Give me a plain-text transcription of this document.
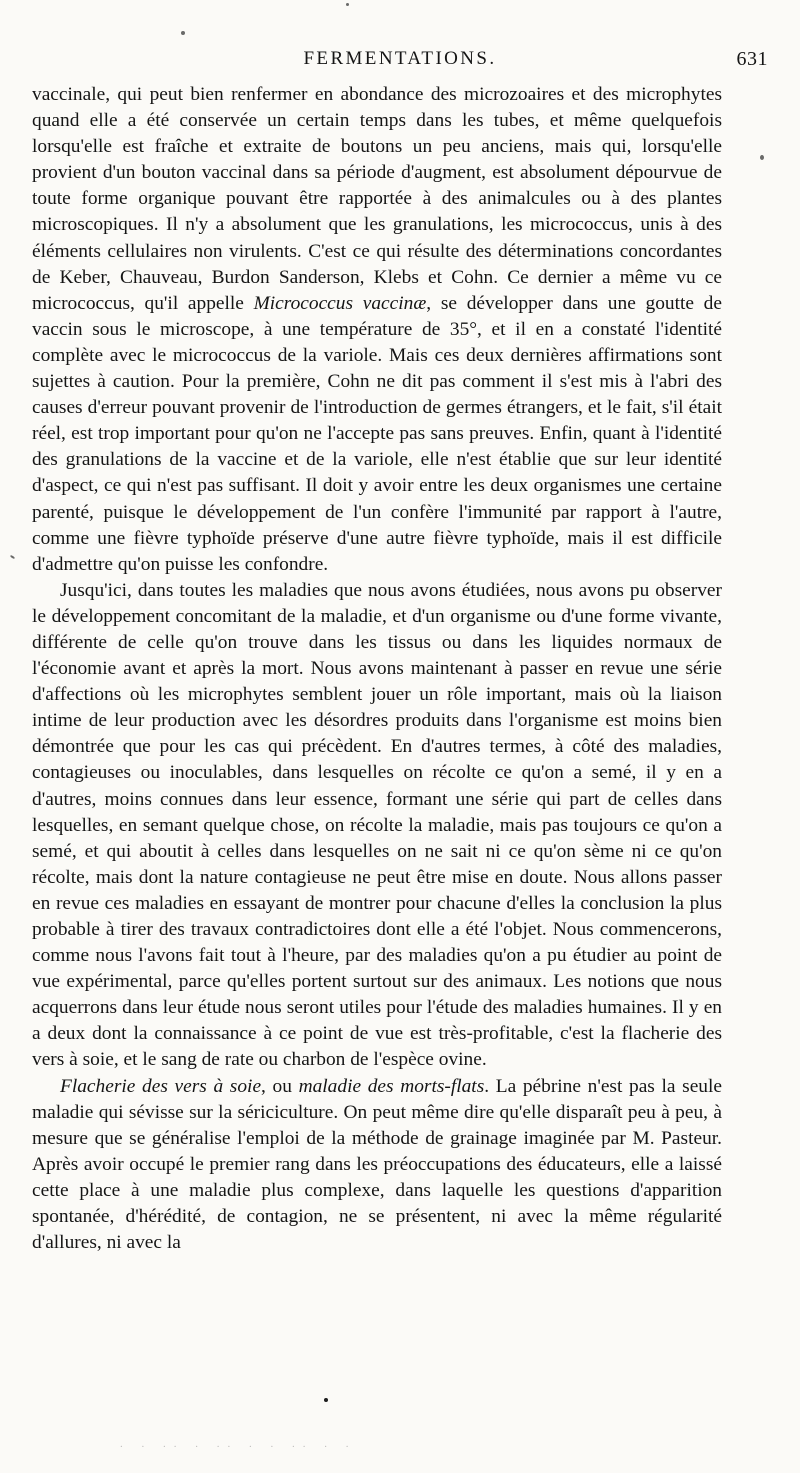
FERMENTATIONS.	631

vaccinale, qui peut bien renfermer en abondance des microzoaires et des microphytes quand elle a été conservée un certain temps dans les tubes, et même quelquefois lorsqu'elle est fraîche et extraite de boutons un peu anciens, mais qui, lorsqu'elle provient d'un bouton vaccinal dans sa période d'augment, est absolument dépourvue de toute forme organique pouvant être rapportée à des animalcules ou à des plantes microscopiques. Il n'y a absolument que les granulations, les micrococcus, unis à des éléments cellulaires non virulents. C'est ce qui résulte des déterminations concordantes de Keber, Chauveau, Burdon Sanderson, Klebs et Cohn. Ce dernier a même vu ce micrococcus, qu'il appelle Micrococcus vaccinæ, se développer dans une goutte de vaccin sous le microscope, à une température de 35°, et il en a constaté l'identité complète avec le micrococcus de la variole. Mais ces deux dernières affirmations sont sujettes à caution. Pour la première, Cohn ne dit pas comment il s'est mis à l'abri des causes d'erreur pouvant provenir de l'introduction de germes étrangers, et le fait, s'il était réel, est trop important pour qu'on ne l'accepte pas sans preuves. Enfin, quant à l'identité des granulations de la vaccine et de la variole, elle n'est établie que sur leur identité d'aspect, ce qui n'est pas suffisant. Il doit y avoir entre les deux organismes une certaine parenté, puisque le développement de l'un confère l'immunité par rapport à l'autre, comme une fièvre typhoïde préserve d'une autre fièvre typhoïde, mais il est difficile d'admettre qu'on puisse les confondre.

Jusqu'ici, dans toutes les maladies que nous avons étudiées, nous avons pu observer le développement concomitant de la maladie, et d'un organisme ou d'une forme vivante, différente de celle qu'on trouve dans les tissus ou dans les liquides normaux de l'économie avant et après la mort. Nous avons maintenant à passer en revue une série d'affections où les microphytes semblent jouer un rôle important, mais où la liaison intime de leur production avec les désordres produits dans l'organisme est moins bien démontrée que pour les cas qui précèdent. En d'autres termes, à côté des maladies, contagieuses ou inoculables, dans lesquelles on récolte ce qu'on a semé, il y en a d'autres, moins connues dans leur essence, formant une série qui part de celles dans lesquelles, en semant quelque chose, on récolte la maladie, mais pas toujours ce qu'on a semé, et qui aboutit à celles dans lesquelles on ne sait ni ce qu'on sème ni ce qu'on récolte, mais dont la nature contagieuse ne peut être mise en doute. Nous allons passer en revue ces maladies en essayant de montrer pour chacune d'elles la conclusion la plus probable à tirer des travaux contradictoires dont elle a été l'objet. Nous commencerons, comme nous l'avons fait tout à l'heure, par des maladies qu'on a pu étudier au point de vue expérimental, parce qu'elles portent surtout sur des animaux. Les notions que nous acquerrons dans leur étude nous seront utiles pour l'étude des maladies humaines. Il y en a deux dont la connaissance à ce point de vue est très-profitable, c'est la flacherie des vers à soie, et le sang de rate ou charbon de l'espèce ovine.

Flacherie des vers à soie, ou maladie des morts-flats. La pébrine n'est pas la seule maladie qui sévisse sur la sériciculture. On peut même dire qu'elle disparaît peu à peu, à mesure que se généralise l'emploi de la méthode de grainage imaginée par M. Pasteur. Après avoir occupé le premier rang dans les préoccupations des éducateurs, elle a laissé cette place à une maladie plus complexe, dans laquelle les questions d'apparition spontanée, d'hérédité, de contagion, ne se présentent, ni avec la même régularité d'allures, ni avec la

. . .. . .. . . .. . .
